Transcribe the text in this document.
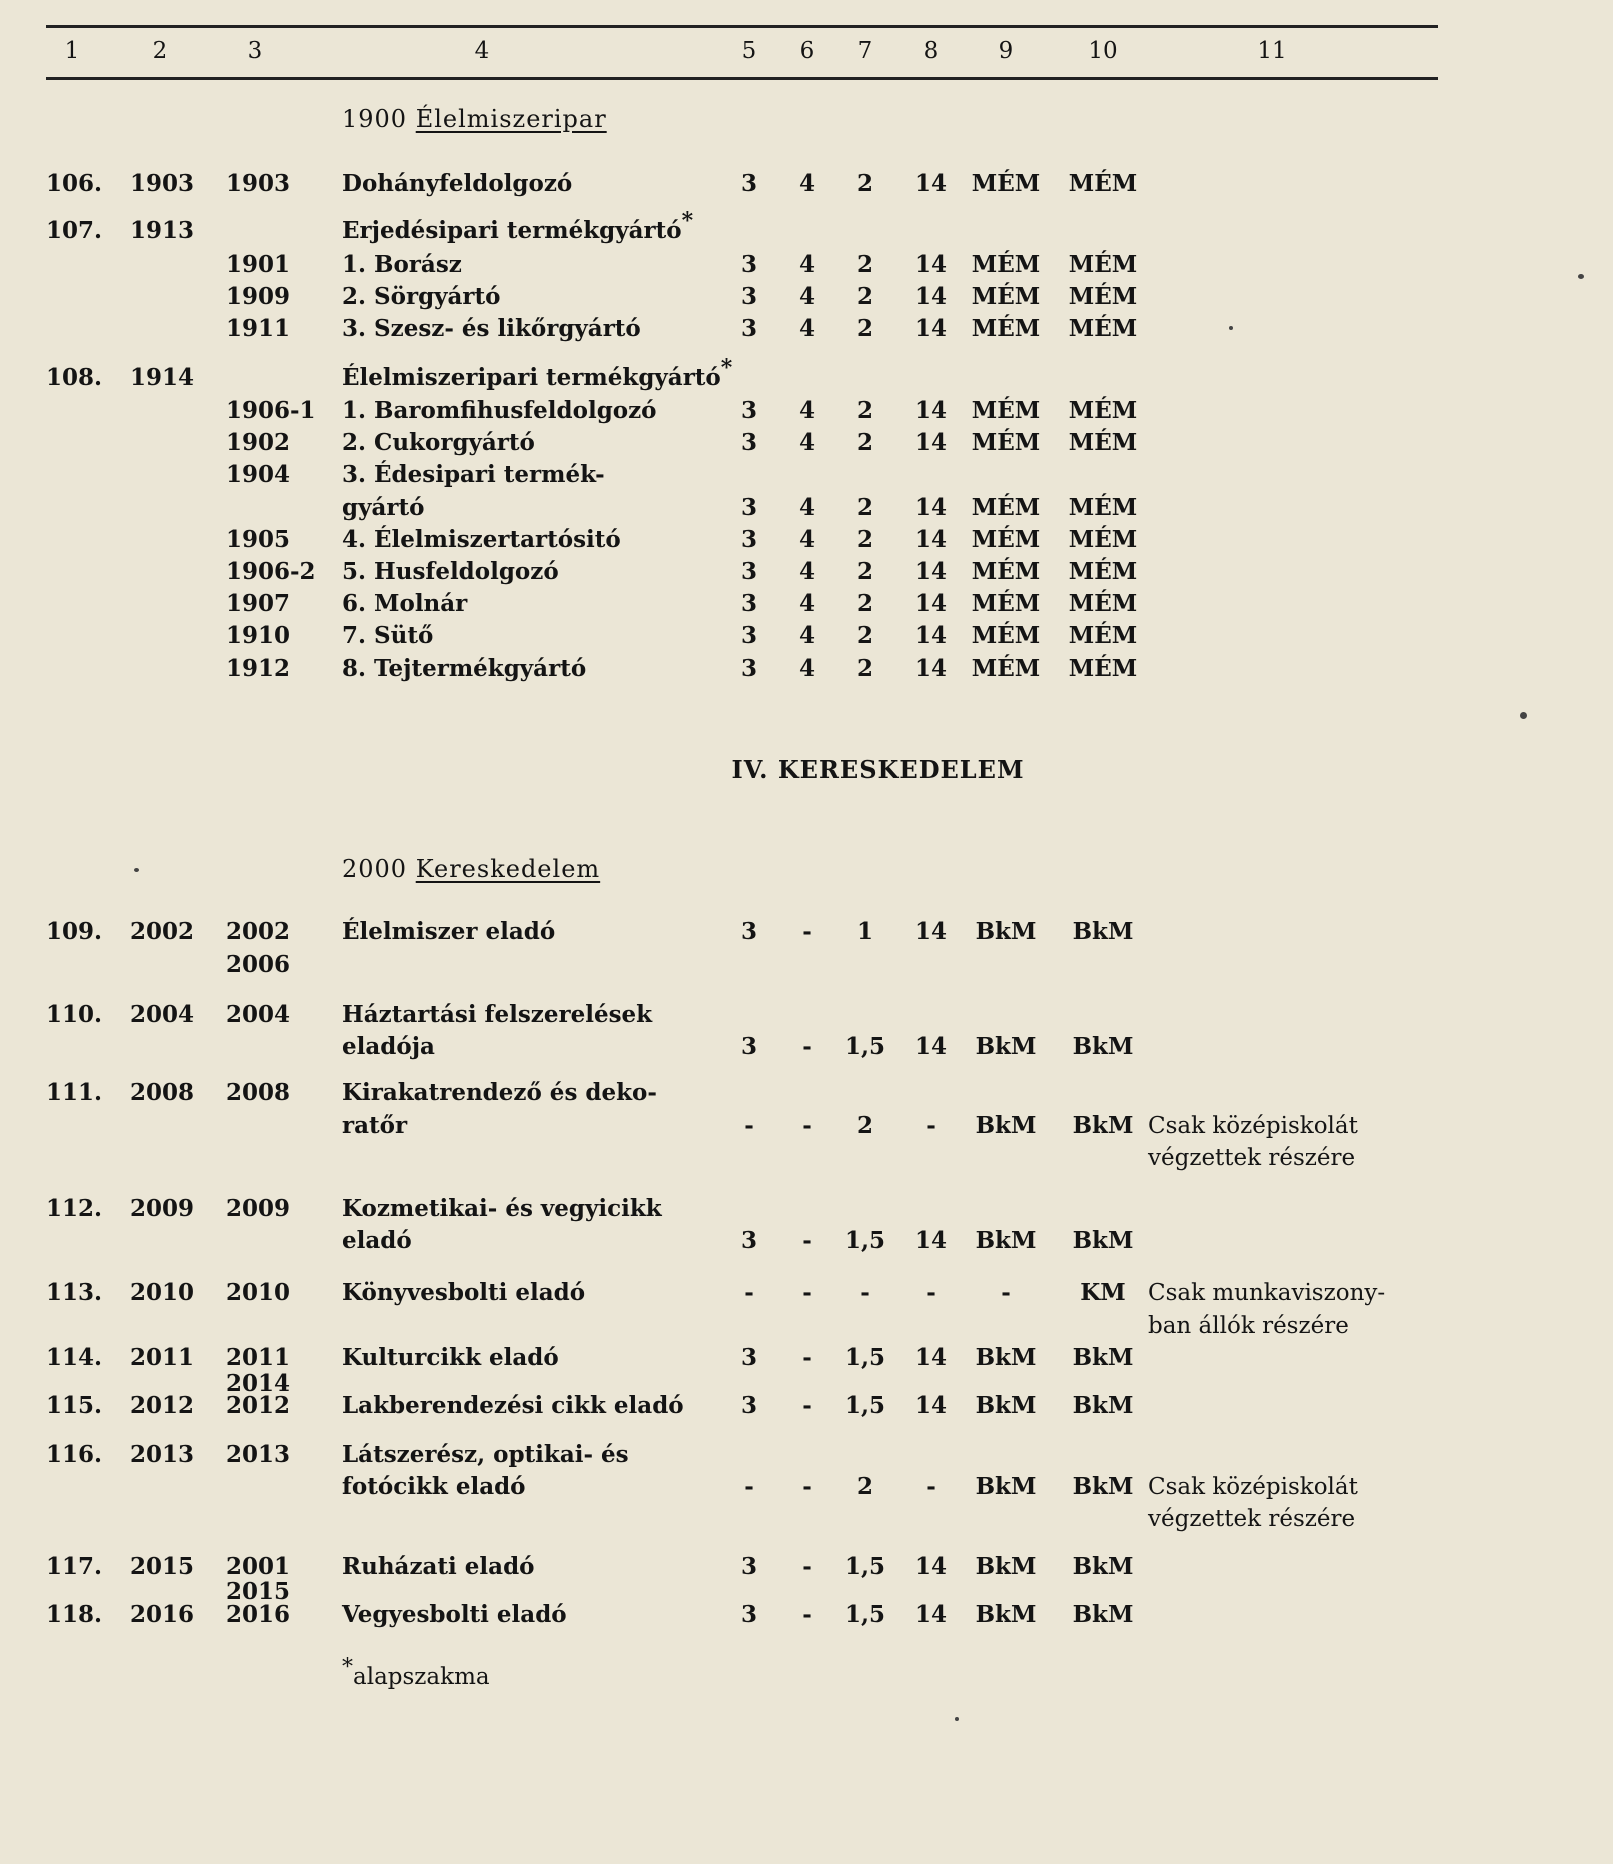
1	2	3	4	5 6 7 8	9	10	11
1900 Élelmiszeripar
IV. KERESKEDELEM
2000 Kereskedelem
106. 1903 1903 Dohányfeldolgozó	3 4 2 14 MÉM MÉM
107. 1913	Erjedésipari termékgyártó*
1901 1. Borász	3 4 2 14 MÉM MÉM
1909 2. Sörgyártó	3 4 2 14 MÉM MÉM
1911 3. Szesz- és likőrgyártó	3 4 2 14 MÉM MÉM
108. 1914	Élelmiszeripari termékgyártó*
1906-1 1. Baromfihusfeldolgozó	3 4 2 14 MÉM MÉM
1902 2. Cukorgyártó	3 4 2 14 MÉM MÉM
1904 3. Édesipari termék-
gyártó	3 4 2 14 MÉM MÉM
1905 4. Élelmiszertartósitó	3 4 2 14 MÉM MÉM
1906-2 5. Husfeldolgozó	3 4 2 14 MÉM MÉM
1907 6. Molnár	3 4 2 14 MÉM MÉM
1910 7. Sütő	3 4 2 14 MÉM MÉM
1912 8. Tejtermékgyártó	3 4 2 14 MÉM MÉM
109. 2002 2002 Élelmiszer eladó	3 - 1 14 BkM BkM
2006
110. 2004 2004 Háztartási felszerelések
eladója	3 - 1,5 14 BkM BkM
111. 2008 2008 Kirakatrendező és deko-
ratőr	- - 2 - BkM BkM Csak középiskolát
végzettek részére
112. 2009 2009 Kozmetikai- és vegyicikk
eladó	3 - 1,5 14 BkM BkM
113. 2010 2010 Könyvesbolti eladó	- - - -	-	KM Csak munkaviszony-
ban állók részére
114. 2011 2011 Kulturcikk eladó	3 - 1,5 14 BkM BkM
2014
115. 2012 2012 Lakberendezési cikk eladó 3 - 1,5 14 BkM BkM
116. 2013 2013 Látszerész, optikai- és
fotócikk eladó	- - 2 - BkM BkM Csak középiskolát
végzettek részére
117. 2015 2001 Ruházati eladó	3 - 1,5 14 BkM BkM
2015
118. 2016 2016 Vegyesbolti eladó	3 - 1,5 14 BkM BkM
*alapszakma
